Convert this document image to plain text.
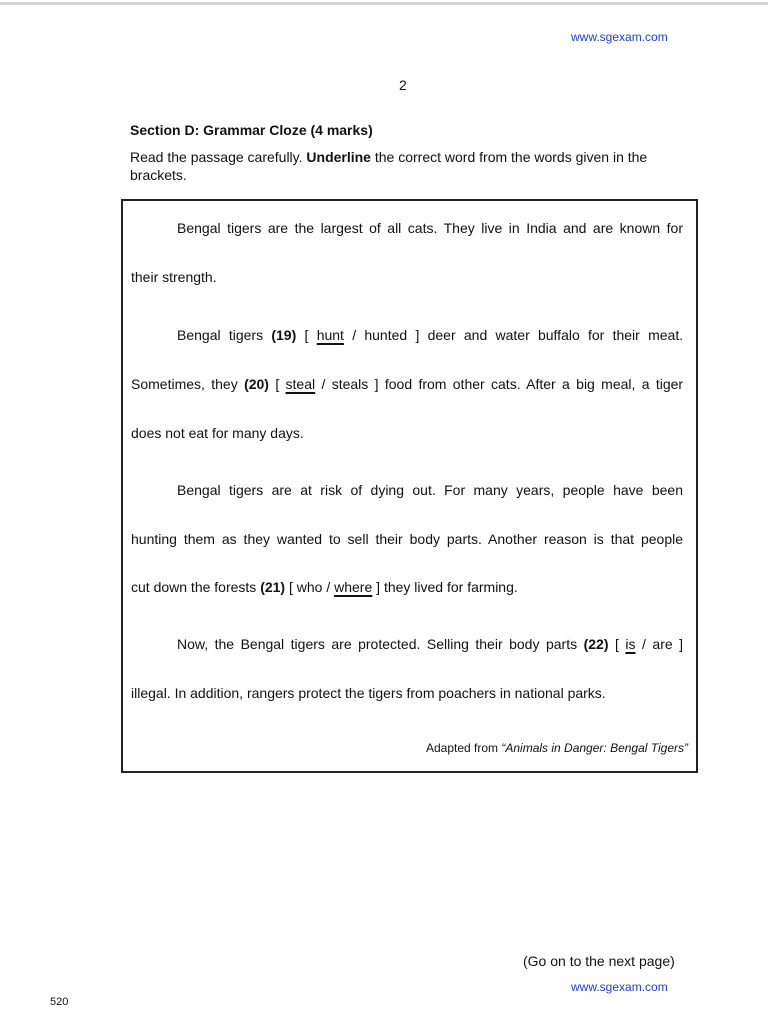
www.sgexam.com
2
Section D: Grammar Cloze (4 marks)
Read the passage carefully. Underline the correct word from the words given in the brackets.
Bengal tigers are the largest of all cats. They live in India and are known for
their strength.
Bengal tigers (19) [ hunt / hunted ] deer and water buffalo for their meat.
Sometimes, they (20) [ steal / steals ] food from other cats. After a big meal, a tiger
does not eat for many days.
Bengal tigers are at risk of dying out. For many years, people have been
hunting them as they wanted to sell their body parts. Another reason is that people
cut down the forests (21) [ who / where ] they lived for farming.
Now, the Bengal tigers are protected. Selling their body parts (22) [ is / are ]
illegal. In addition, rangers protect the tigers from poachers in national parks.
Adapted from “Animals in Danger: Bengal Tigers”
(Go on to the next page)
www.sgexam.com
520
